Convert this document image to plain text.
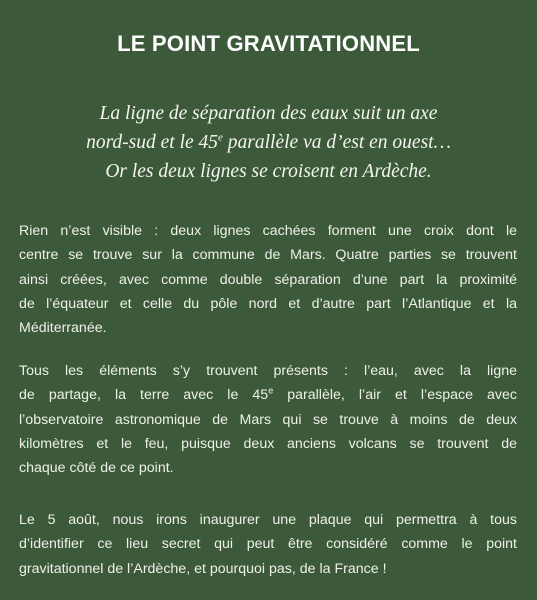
LE POINT GRAVITATIONNEL

La ligne de séparation des eaux suit un axe
nord-sud et le 45e parallèle va d’est en ouest…
Or les deux lignes se croisent en Ardèche.

Rien n’est visible : deux lignes cachées forment une croix dont le
centre se trouve sur la commune de Mars. Quatre parties se trouvent
ainsi créées, avec comme double séparation d’une part la proximité
de l’équateur et celle du pôle nord et d’autre part l’Atlantique et la
Méditerranée.

Tous les éléments s’y trouvent présents : l’eau, avec la ligne
de partage, la terre avec le 45e parallèle, l’air et l’espace avec
l’observatoire astronomique de Mars qui se trouve à moins de deux
kilomètres et le feu, puisque deux anciens volcans se trouvent de
chaque côté de ce point.

Le 5 août, nous irons inaugurer une plaque qui permettra à tous
d’identifier ce lieu secret qui peut être considéré comme le point
gravitationnel de l’Ardèche, et pourquoi pas, de la France !
